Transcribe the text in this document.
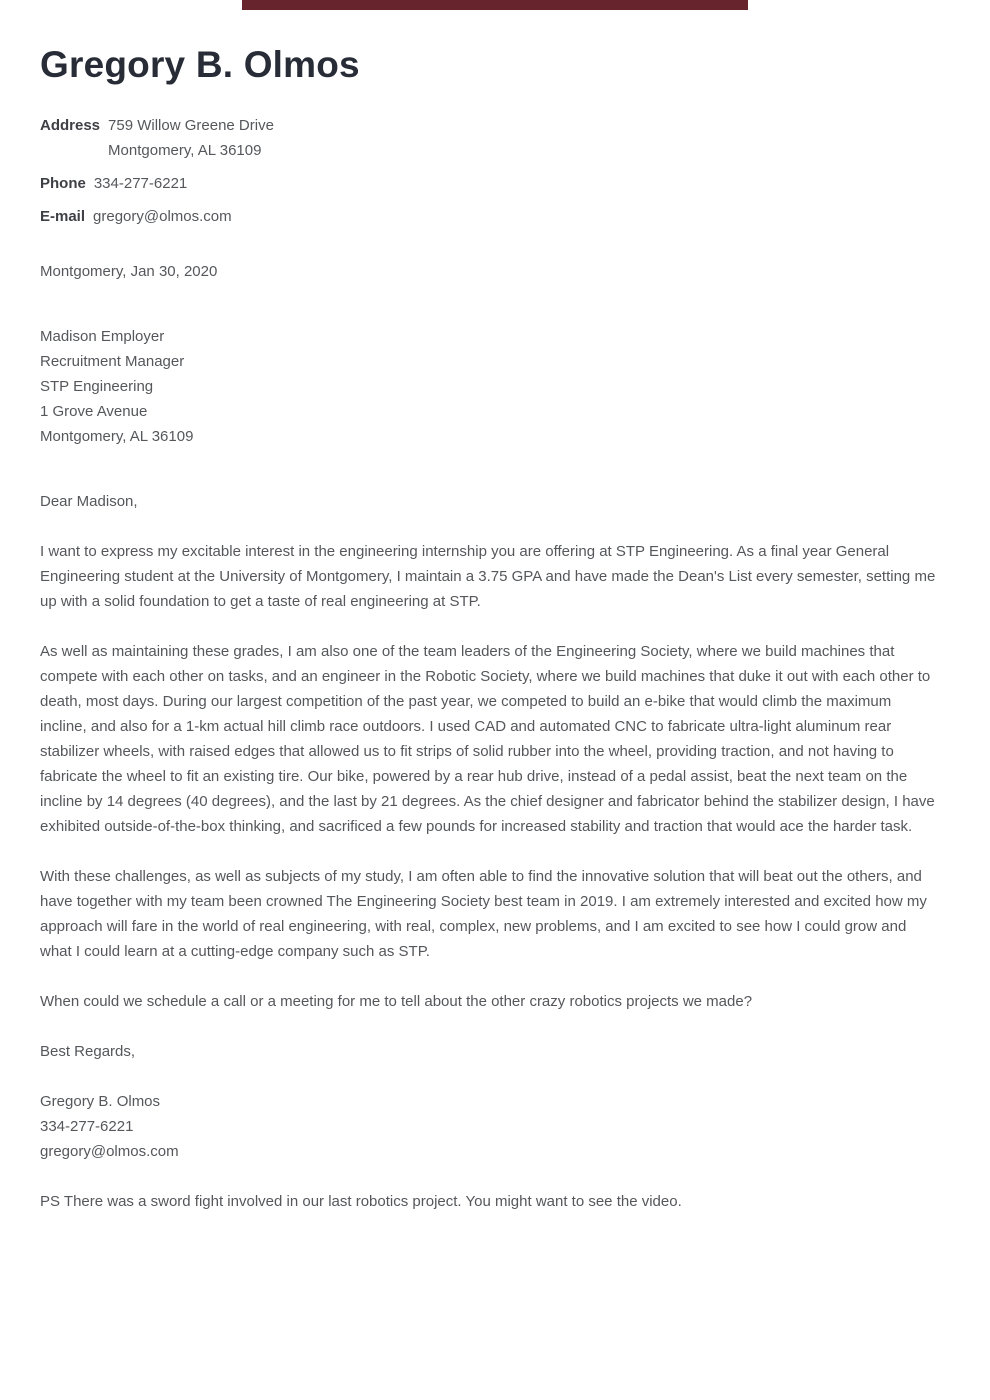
Gregory B. Olmos
Address 759 Willow Greene Drive
Montgomery, AL 36109
Phone 334-277-6221
E-mail gregory@olmos.com
Montgomery, Jan 30, 2020
Madison Employer
Recruitment Manager
STP Engineering
1 Grove Avenue
Montgomery, AL 36109
Dear Madison,

I want to express my excitable interest in the engineering internship you are offering at STP Engineering. As a final year General Engineering student at the University of Montgomery, I maintain a 3.75 GPA and have made the Dean's List every semester, setting me up with a solid foundation to get a taste of real engineering at STP.

As well as maintaining these grades, I am also one of the team leaders of the Engineering Society, where we build machines that compete with each other on tasks, and an engineer in the Robotic Society, where we build machines that duke it out with each other to death, most days. During our largest competition of the past year, we competed to build an e-bike that would climb the maximum incline, and also for a 1-km actual hill climb race outdoors. I used CAD and automated CNC to fabricate ultra-light aluminum rear stabilizer wheels, with raised edges that allowed us to fit strips of solid rubber into the wheel, providing traction, and not having to fabricate the wheel to fit an existing tire. Our bike, powered by a rear hub drive, instead of a pedal assist, beat the next team on the incline by 14 degrees (40 degrees), and the last by 21 degrees. As the chief designer and fabricator behind the stabilizer design, I have exhibited outside-of-the-box thinking, and sacrificed a few pounds for increased stability and traction that would ace the harder task.

With these challenges, as well as subjects of my study, I am often able to find the innovative solution that will beat out the others, and have together with my team been crowned The Engineering Society best team in 2019. I am extremely interested and excited how my approach will fare in the world of real engineering, with real, complex, new problems, and I am excited to see how I could grow and what I could learn at a cutting-edge company such as STP.

When could we schedule a call or a meeting for me to tell about the other crazy robotics projects we made?

Best Regards,
Gregory B. Olmos
334-277-6221
gregory@olmos.com
PS There was a sword fight involved in our last robotics project. You might want to see the video.
